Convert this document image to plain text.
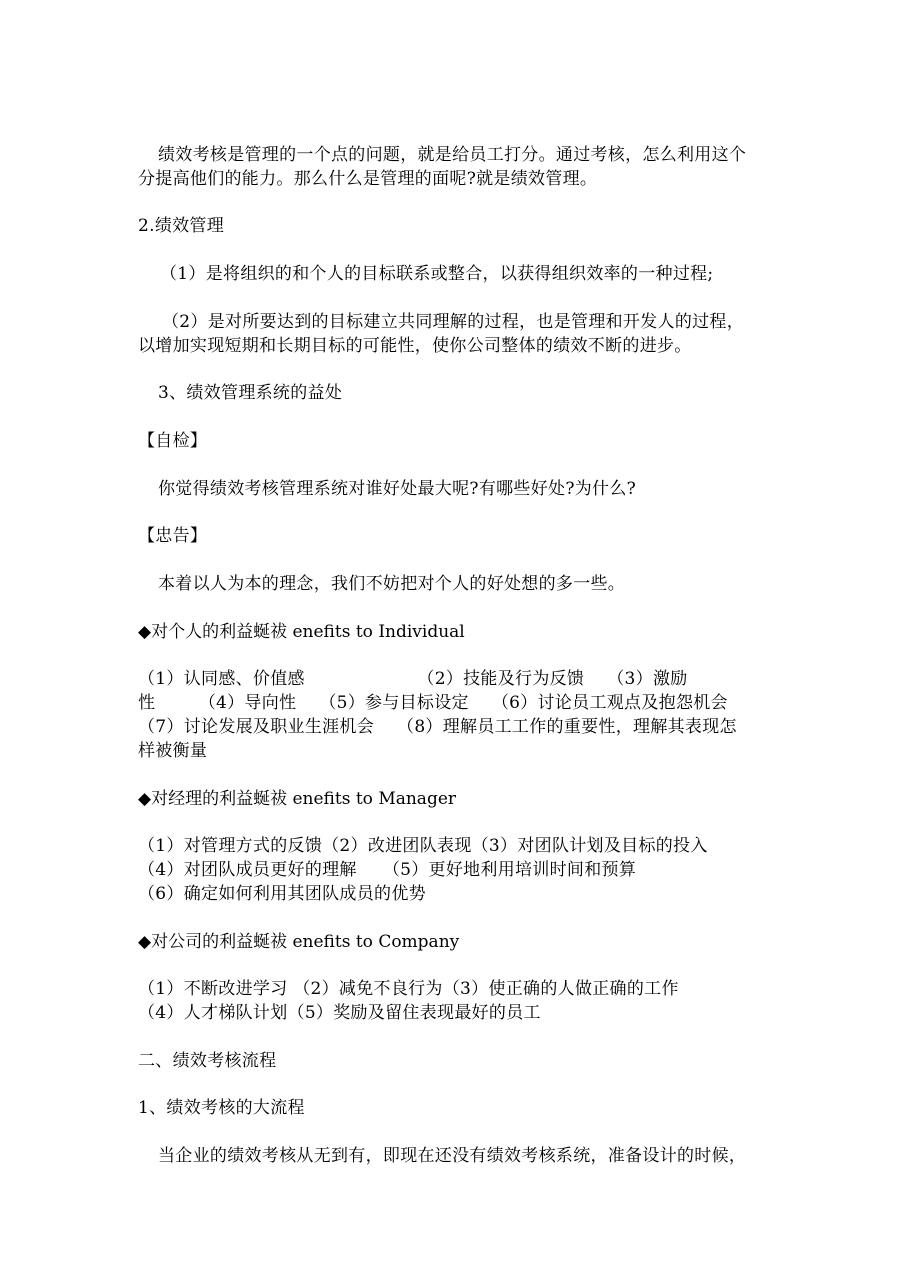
绩效考核是管理的一个点的问题，就是给员工打分。通过考核，怎么利用这个
分提高他们的能力。那么什么是管理的面呢?就是绩效管理。
2.绩效管理
（1）是将组织的和个人的目标联系或整合，以获得组织效率的一种过程;
（2）是对所要达到的目标建立共同理解的过程，也是管理和开发人的过程，
以增加实现短期和长期目标的可能性，使你公司整体的绩效不断的进步。
3、绩效管理系统的益处
【自检】
你觉得绩效考核管理系统对谁好处最大呢?有哪些好处?为什么?
【忠告】
本着以人为本的理念，我们不妨把对个人的好处想的多一些。
◆对个人的利益蜒祓 enefits to Individual
（1）认同感、价值感　　　　　　　（2）技能及行为反馈　 （3）激励
性　　　（4）导向性　 （5）参与目标设定　 （6）讨论员工观点及抱怨机会
（7）讨论发展及职业生涯机会　 （8）理解员工工作的重要性，理解其表现怎
样被衡量
◆对经理的利益蜒祓 enefits to Manager
（1）对管理方式的反馈（2）改进团队表现（3）对团队计划及目标的投入
（4）对团队成员更好的理解　　（5）更好地利用培训时间和预算
（6）确定如何利用其团队成员的优势
◆对公司的利益蜒祓 enefits to Company
（1）不断改进学习 （2）减免不良行为（3）使正确的人做正确的工作
（4）人才梯队计划（5）奖励及留住表现最好的员工
二、绩效考核流程
1、绩效考核的大流程
当企业的绩效考核从无到有，即现在还没有绩效考核系统，准备设计的时候，
